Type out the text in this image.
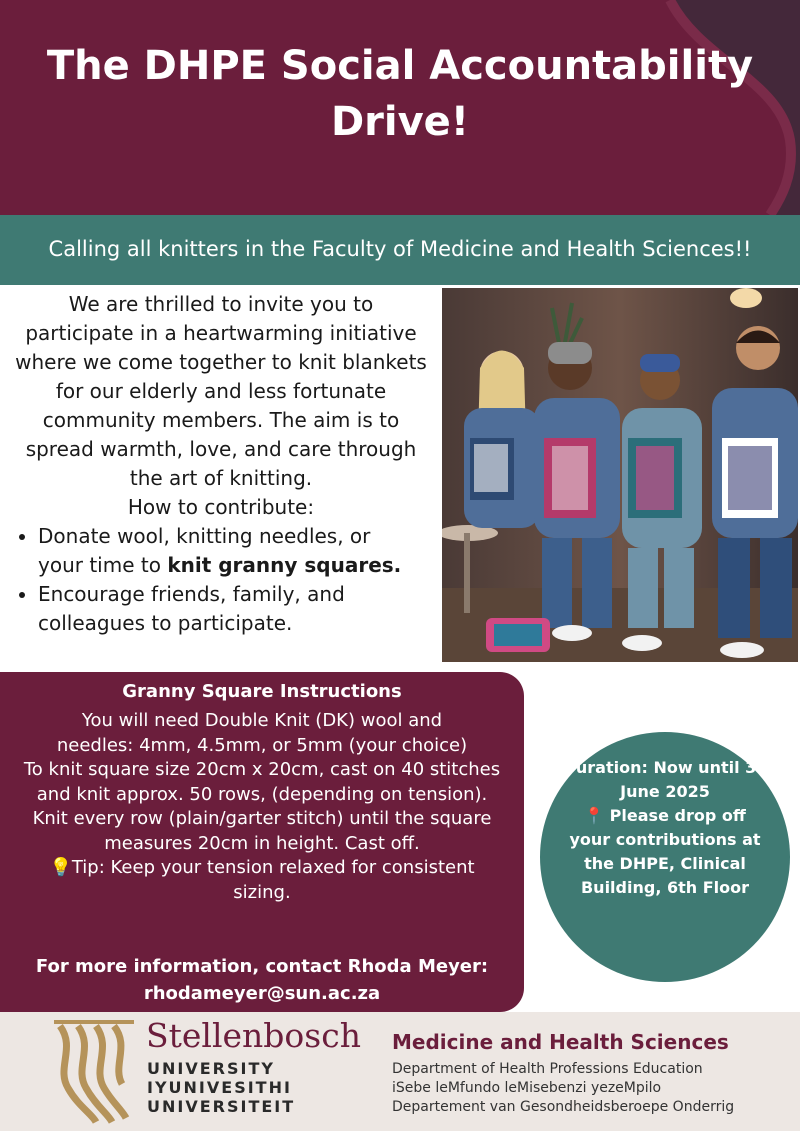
The DHPE Social Accountability
Drive!
Calling all knitters in the Faculty of Medicine and Health Sciences!!
We are thrilled to invite you to
participate in a heartwarming initiative
where we come together to knit blankets
for our elderly and less fortunate
community members. The aim is to
spread warmth, love, and care through
the art of knitting.
How to contribute:
• Donate wool, knitting needles, or
your time to knit granny squares.
• Encourage friends, family, and
colleagues to participate.
Granny Square Instructions
You will need Double Knit (DK) wool and
needles: 4mm, 4.5mm, or 5mm (your choice)
To knit square size 20cm x 20cm, cast on 40 stitches
and knit approx. 50 rows, (depending on tension).
Knit every row (plain/garter stitch) until the square
measures 20cm in height. Cast off.
💡Tip: Keep your tension relaxed for consistent
sizing.
For more information, contact Rhoda Meyer:
rhodameyer@sun.ac.za
Duration: Now until 30
June 2025
📍 Please drop off
your contributions at
the DHPE, Clinical
Building, 6th Floor
Stellenbosch
UNIVERSITY
IYUNIVESITHI
UNIVERSITEIT
Medicine and Health Sciences
Department of Health Professions Education
iSebe leMfundo leMisebenzi yezeMpilo
Departement van Gesondheidsberoepe Onderrig
